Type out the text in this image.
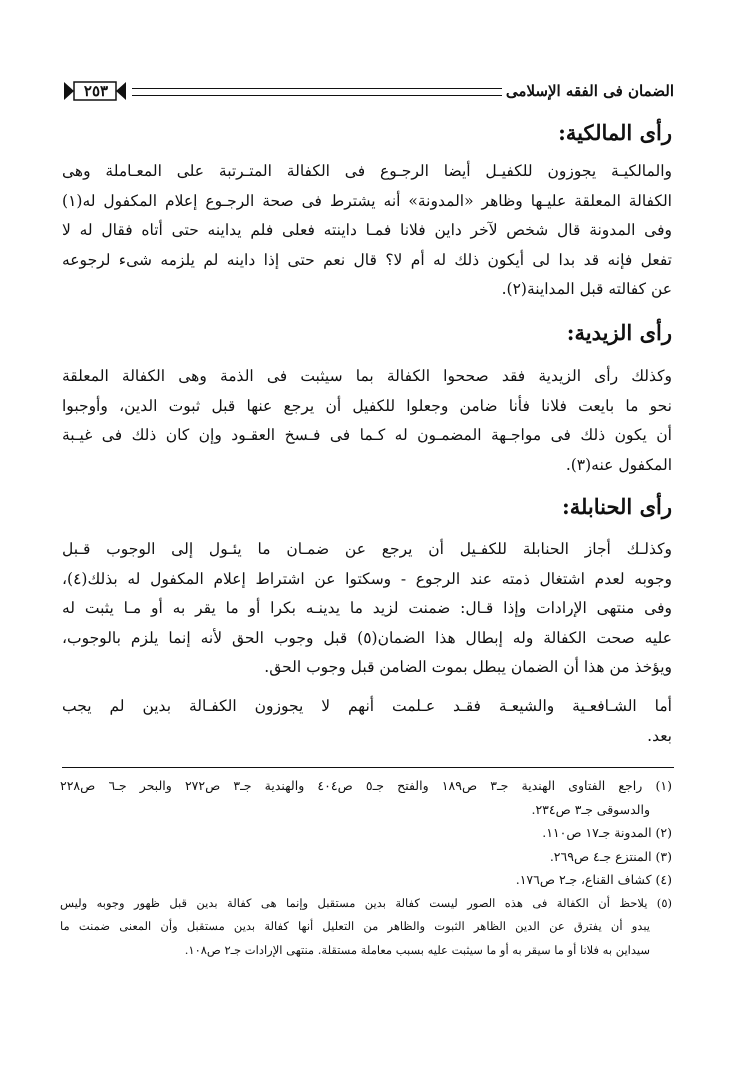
الضمان فى الفقه الإسلامى
٢٥٣
رأى المالكية:
والمالكيـة يجوزون للكفيـل أيضا الرجـوع فى الكفالة المتـرتبة على المعـاملة وهى
الكفالة المعلقة عليـها وظاهر «المدونة» أنه يشترط فى صحة الرجـوع إعلام المكفول له(١)
وفى المدونة قال شخص لآخر داين فلانا فمـا داينته فعلى فلم يداينه حتى أتاه فقال له لا
تفعل فإنه قد بدا لى أيكون ذلك له أم لا؟ قال نعم حتى إذا داينه لم يلزمه شىء لرجوعه
عن كفالته قبل المداينة(٢).
رأى الزيدية:
وكذلك رأى الزيدية فقد صححوا الكفالة بما سيثبت فى الذمة وهى الكفالة المعلقة
نحو ما بايعت فلانا فأنا ضامن وجعلوا للكفيل أن يرجع عنها قبل ثبوت الدين، وأوجبوا
أن يكون ذلك فى مواجـهة المضمـون له كـما فى فـسخ العقـود وإن كان ذلك فى غيـبة
المكفول عنه(٣).
رأى الحنابلة:
وكذلـك أجاز الحنابلة للكفـيل أن يرجع عن ضمـان ما يئـول إلى الوجوب قـبل
وجوبه لعدم اشتغال ذمته عند الرجوع - وسكتوا عن اشتراط إعلام المكفول له بذلك(٤)،
وفى منتهى الإرادات وإذا قـال: ضمنت لزيد ما يدينـه بكرا أو ما يقر به أو مـا يثبت له
عليه صحت الكفالة وله إبطال هذا الضمان(٥) قبل وجوب الحق لأنه إنما يلزم بالوجوب،
ويؤخذ من هذا أن الضمان يبطل بموت الضامن قبل وجوب الحق.
أما الشـافعـية والشيعـة فقـد عـلمت أنهم لا يجوزون الكفـالة بدين لم يجب
بعد.
(١) راجع الفتاوى الهندية جـ٣ ص١٨٩ والفتح جـ٥ ص٤٠٤ والهندية جـ٣ ص٢٧٢ والبحر جـ٦ ص٢٢٨
والدسوقى جـ٣ ص٢٣٤.
(٢) المدونة جـ١٧ ص١١٠.
(٣) المنتزع جـ٤ ص٢٦٩.
(٤) كشاف القناع، جـ٢ ص١٧٦.
(٥) يلاحظ أن الكفالة فى هذه الصور ليست كفالة بدين مستقبل وإنما هى كفالة بدين قبل ظهور وجوبه وليس
يبدو أن يفترق عن الدين الظاهر الثبوت والظاهر من التعليل أنها كفالة بدين مستقبل وأن المعنى ضمنت ما
سيداين به فلانا أو ما سيقر به أو ما سيثبت عليه بسبب معاملة مستقلة. منتهى الإرادات جـ٢ ص١٠٨.
